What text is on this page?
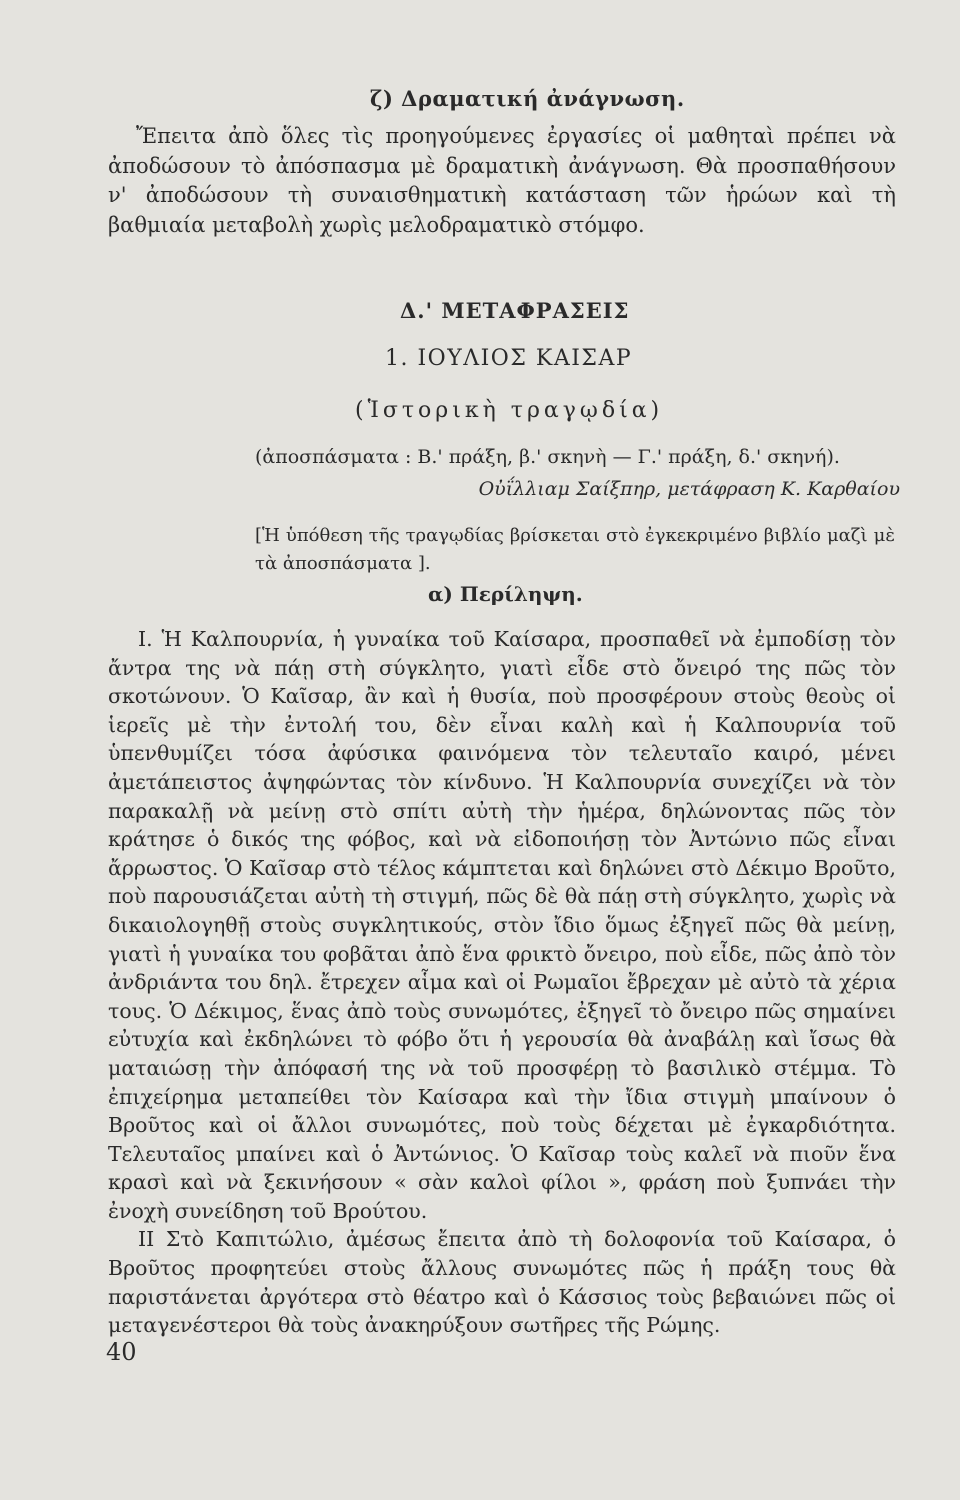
ζ) Δραματική ἀνάγνωση.

Ἔπειτα ἀπὸ ὅλες τὶς προηγούμενες ἐργασίες οἱ μαθηταὶ πρέπει νὰ ἀποδώσουν τὸ ἀπόσπασμα μὲ δραματικὴ ἀνάγνωση. Θὰ προσπαθήσουν ν' ἀποδώσουν τὴ συναισθηματικὴ κατάσταση τῶν ἡρώων καὶ τὴ βαθμιαία μεταβολὴ χωρὶς μελοδραματικὸ στόμφο.

Δ.' ΜΕΤΑΦΡΑΣΕΙΣ
1. ΙΟΥΛΙΟΣ ΚΑΙΣΑΡ
(Ἱστορικὴ τραγῳδία)
(ἀποσπάσματα : Β.' πράξη, β.' σκηνὴ — Γ.' πράξη, δ.' σκηνή).
Οὐΐλλιαμ Σαίξπηρ, μετάφραση Κ. Καρθαίου
[Ἡ ὑπόθεση τῆς τραγῳδίας βρίσκεται στὸ ἐγκεκριμένο βιβλίο μαζὶ μὲ τὰ ἀποσπάσματα ].
α) Περίληψη.

Ι. Ἡ Καλπουρνία, ἡ γυναίκα τοῦ Καίσαρα, προσπαθεῖ νὰ ἐμποδίσῃ τὸν ἄντρα της νὰ πάῃ στὴ σύγκλητο, γιατὶ εἶδε στὸ ὄνειρό της πῶς τὸν σκοτώνουν. Ὁ Καῖσαρ, ἂν καὶ ἡ θυσία, ποὺ προσφέρουν στοὺς θεοὺς οἱ ἱερεῖς μὲ τὴν ἐντολή του, δὲν εἶναι καλὴ καὶ ἡ Καλπουρνία τοῦ ὑπενθυμίζει τόσα ἀφύσικα φαινόμενα τὸν τελευταῖο καιρό, μένει ἀμετάπειστος ἀψηφώντας τὸν κίνδυνο. Ἡ Καλπουρνία συνεχίζει νὰ τὸν παρακαλῇ νὰ μείνῃ στὸ σπίτι αὐτὴ τὴν ἡμέρα, δηλώνοντας πῶς τὸν κράτησε ὁ δικός της φόβος, καὶ νὰ εἰδοποιήσῃ τὸν Ἀντώνιο πῶς εἶναι ἄρρωστος. Ὁ Καῖσαρ στὸ τέλος κάμπτεται καὶ δηλώνει στὸ Δέκιμο Βροῦτο, ποὺ παρουσιάζεται αὐτὴ τὴ στιγμή, πῶς δὲ θὰ πάῃ στὴ σύγκλητο, χωρὶς νὰ δικαιολογηθῇ στοὺς συγκλητικούς, στὸν ἴδιο ὅμως ἐξηγεῖ πῶς θὰ μείνῃ, γιατὶ ἡ γυναίκα του φοβᾶται ἀπὸ ἕνα φρικτὸ ὄνειρο, ποὺ εἶδε, πῶς ἀπὸ τὸν ἀνδριάντα του δηλ. ἔτρεχεν αἷμα καὶ οἱ Ρωμαῖοι ἔβρεχαν μὲ αὐτὸ τὰ χέρια τους. Ὁ Δέκιμος, ἕνας ἀπὸ τοὺς συνωμότες, ἐξηγεῖ τὸ ὄνειρο πῶς σημαίνει εὐτυχία καὶ ἐκδηλώνει τὸ φόβο ὅτι ἡ γερουσία θὰ ἀναβάλῃ καὶ ἴσως θὰ ματαιώσῃ τὴν ἀπόφασή της νὰ τοῦ προσφέρῃ τὸ βασιλικὸ στέμμα. Τὸ ἐπιχείρημα μεταπείθει τὸν Καίσαρα καὶ τὴν ἴδια στιγμὴ μπαίνουν ὁ Βροῦτος καὶ οἱ ἄλλοι συνωμότες, ποὺ τοὺς δέχεται μὲ ἐγκαρδιότητα. Τελευταῖος μπαίνει καὶ ὁ Ἀντώνιος. Ὁ Καῖσαρ τοὺς καλεῖ νὰ πιοῦν ἕνα κρασὶ καὶ νὰ ξεκινήσουν « σὰν καλοὶ φίλοι », φράση ποὺ ξυπνάει τὴν ἐνοχὴ συνείδηση τοῦ Βρούτου.

ΙΙ Στὸ Καπιτώλιο, ἀμέσως ἔπειτα ἀπὸ τὴ δολοφονία τοῦ Καίσαρα, ὁ Βροῦτος προφητεύει στοὺς ἄλλους συνωμότες πῶς ἡ πράξη τους θὰ παριστάνεται ἀργότερα στὸ θέατρο καὶ ὁ Κάσσιος τοὺς βεβαιώνει πῶς οἱ μεταγενέστεροι θὰ τοὺς ἀνακηρύξουν σωτῆρες τῆς Ρώμης.

40
